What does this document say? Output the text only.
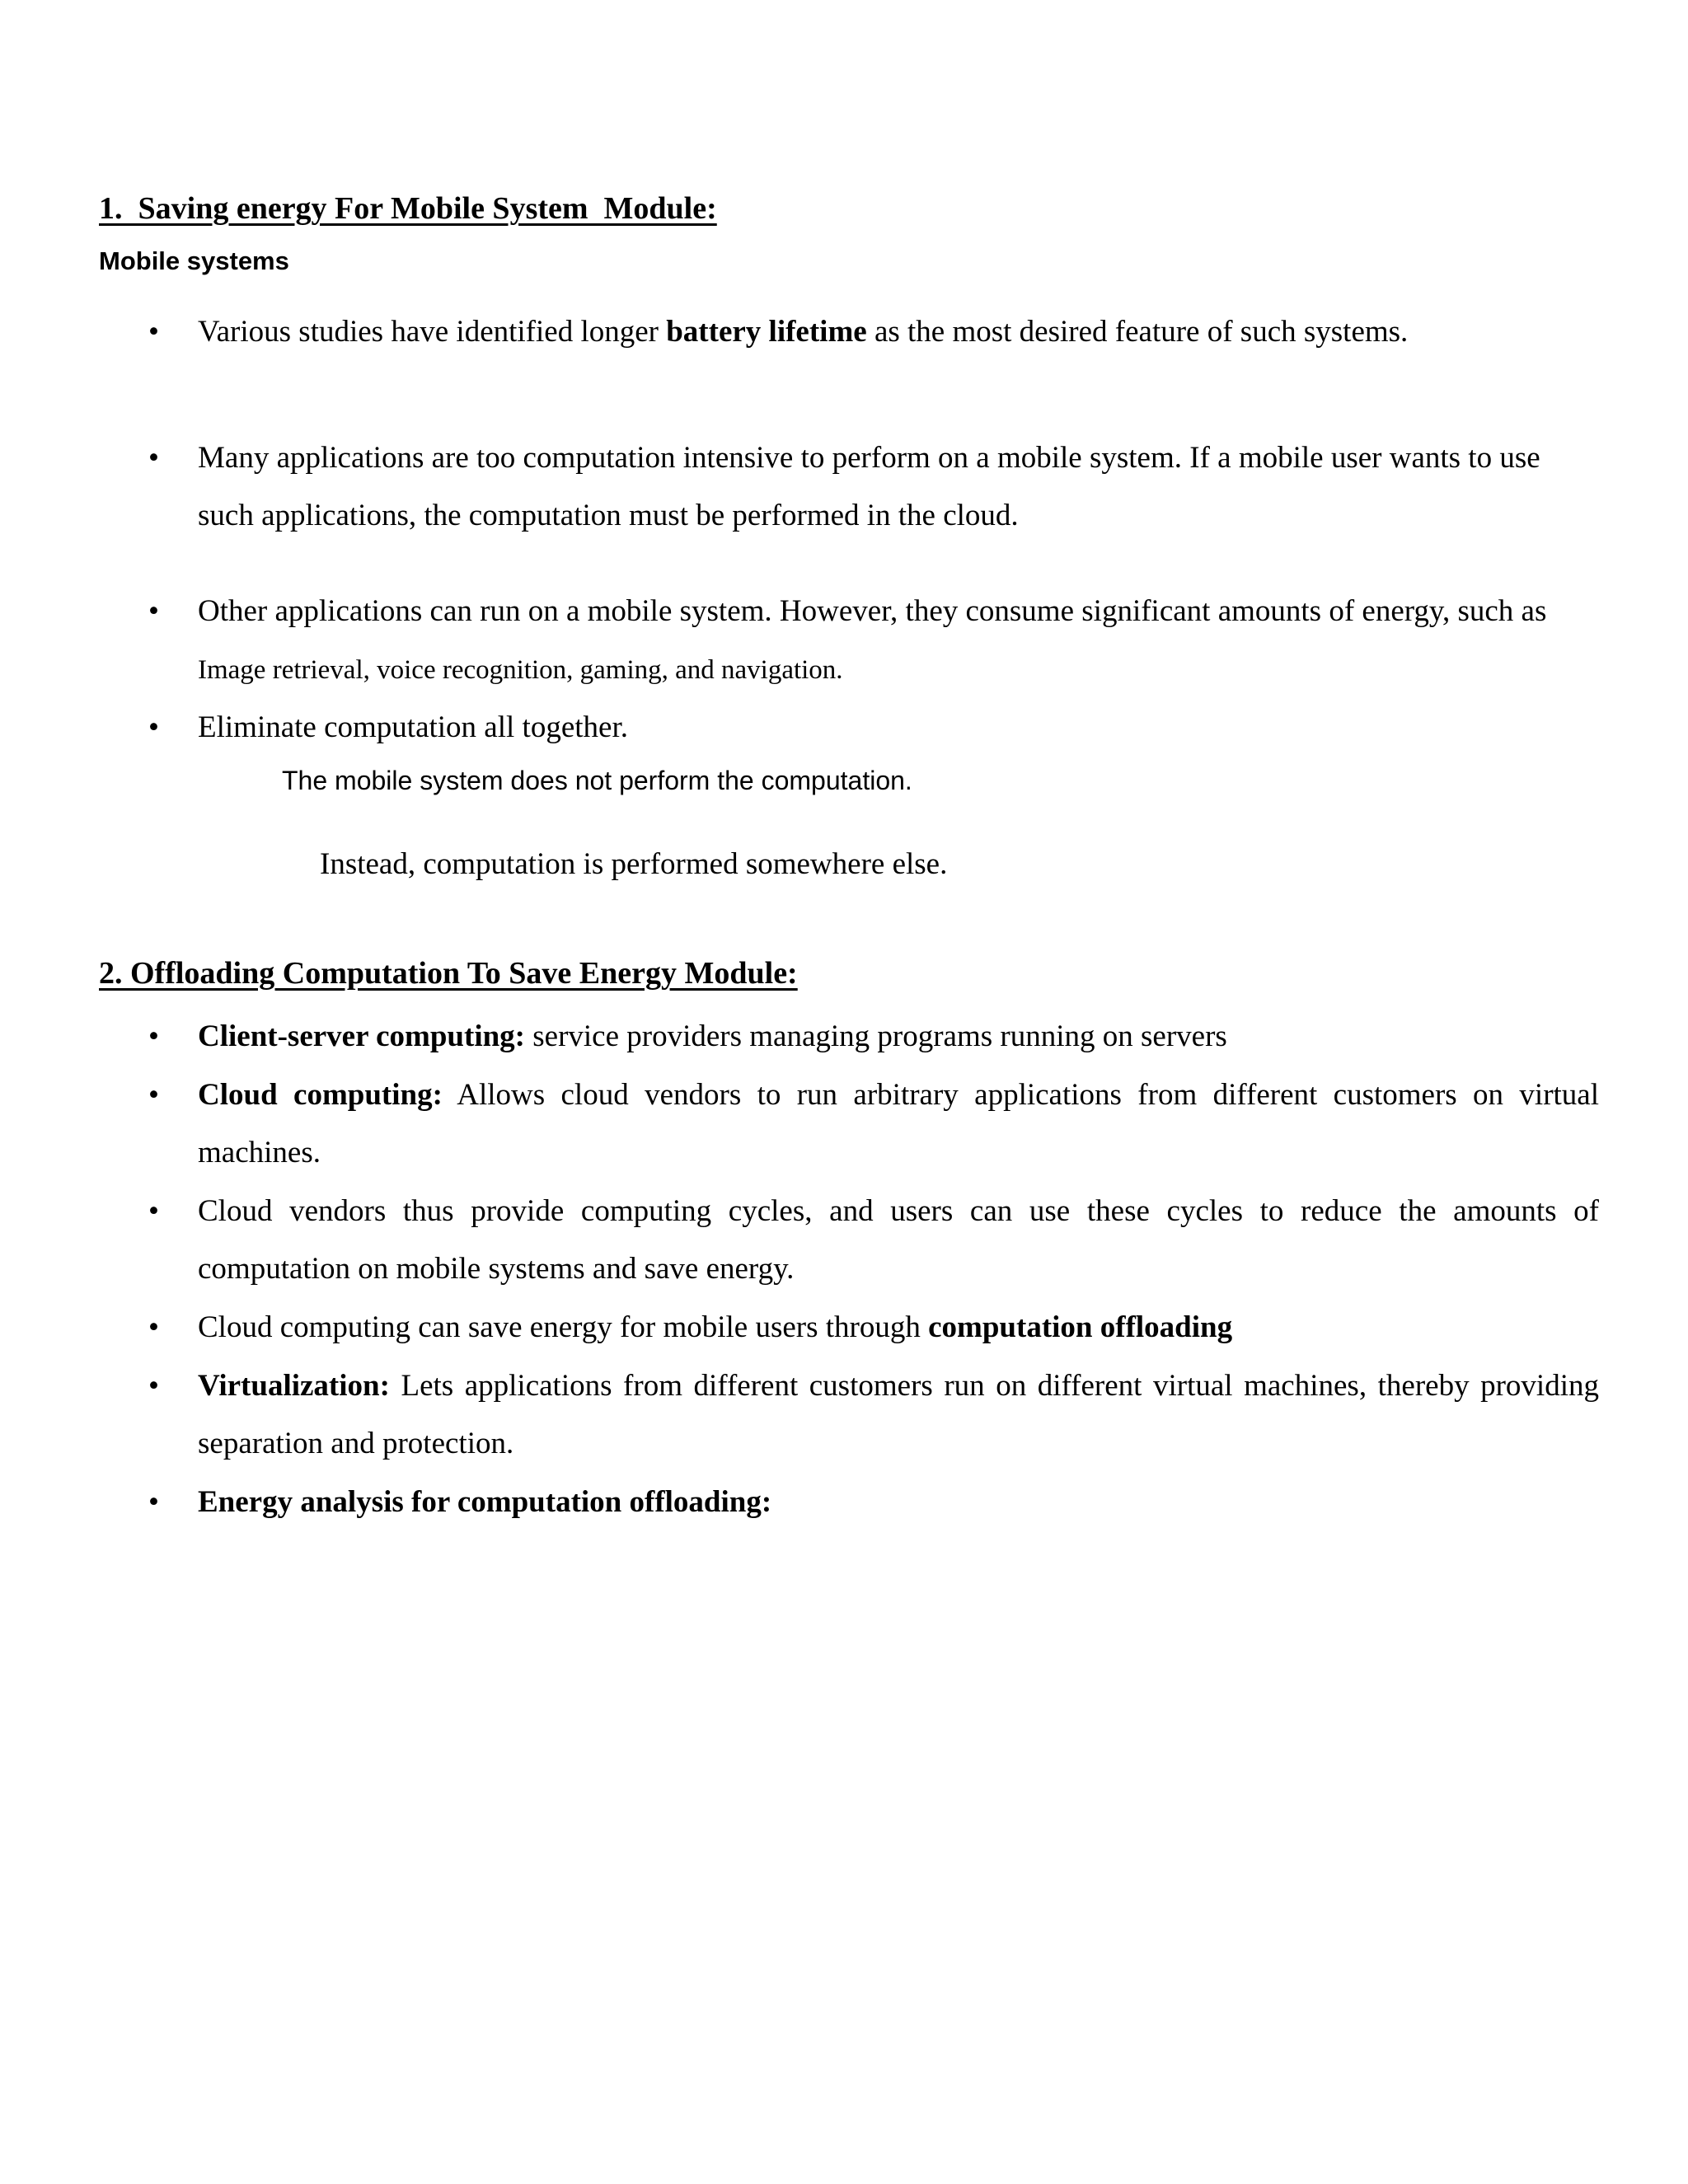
1.  Saving energy For Mobile System  Module:
Mobile systems
• Various studies have identified longer battery lifetime as the most desired feature of such systems.
• Many applications are too computation intensive to perform on a mobile system. If a mobile user wants to use such applications, the computation must be performed in the cloud.
• Other applications can run on a mobile system. However, they consume significant amounts of energy, such as Image retrieval, voice recognition, gaming, and navigation.
• Eliminate computation all together.
The mobile system does not perform the computation.
Instead, computation is performed somewhere else.
2. Offloading Computation To Save Energy Module:
• Client-server computing: service providers managing programs running on servers
• Cloud computing: Allows cloud vendors to run arbitrary applications from different customers on virtual machines.
• Cloud vendors thus provide computing cycles, and users can use these cycles to reduce the amounts of computation on mobile systems and save energy.
• Cloud computing can save energy for mobile users through computation offloading
• Virtualization: Lets applications from different customers run on different virtual machines, thereby providing separation and protection.
• Energy analysis for computation offloading:
